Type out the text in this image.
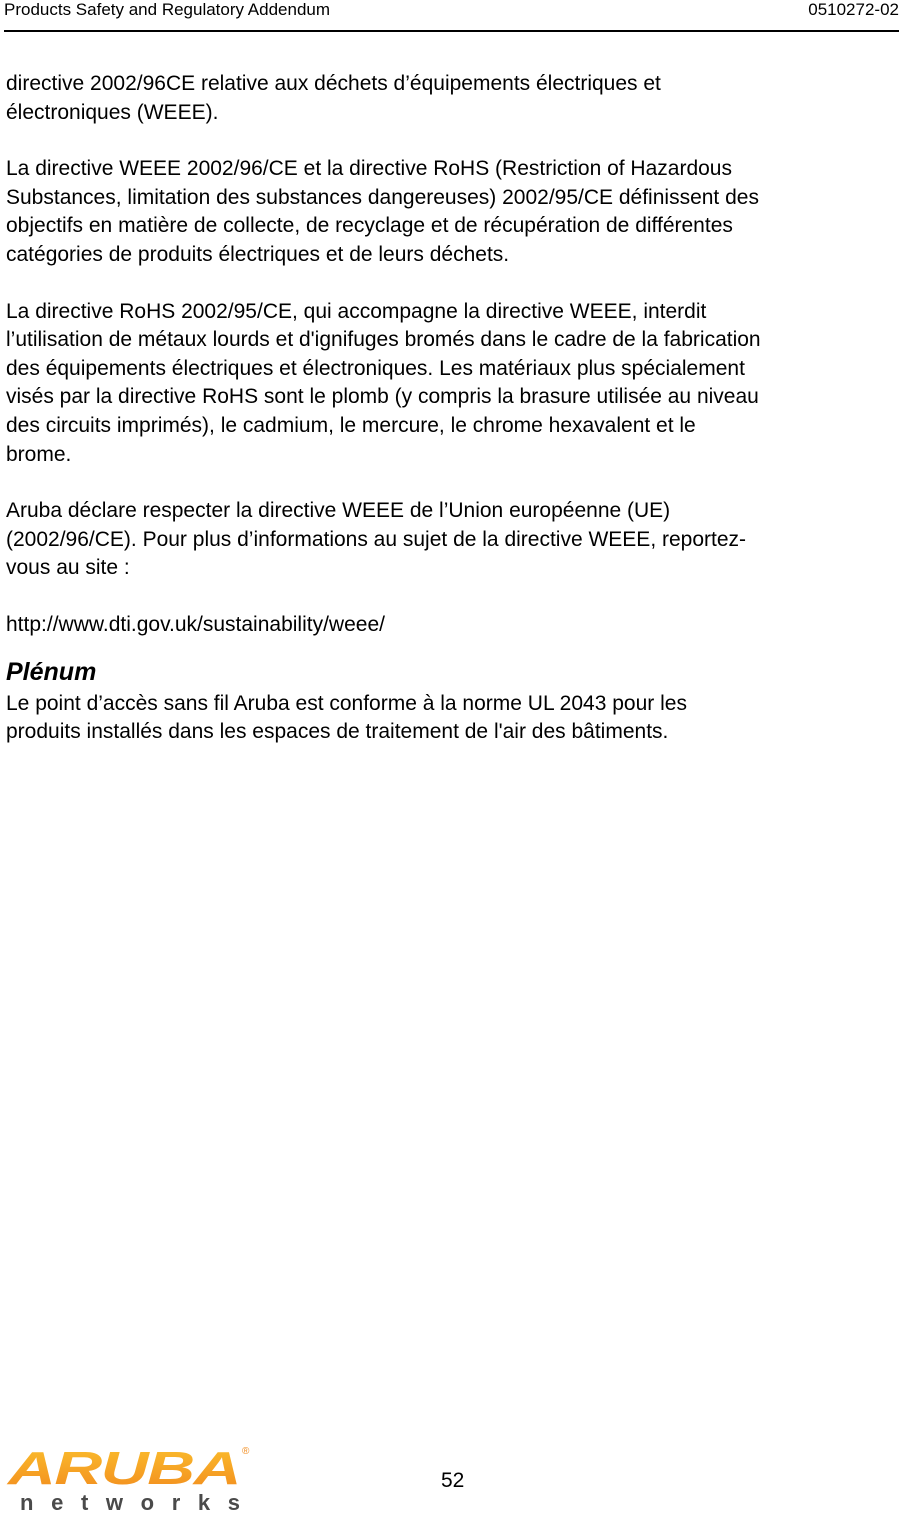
Products Safety and Regulatory Addendum	0510272-02

directive 2002/96CE relative aux déchets d’équipements électriques et
électroniques (WEEE).

La directive WEEE 2002/96/CE et la directive RoHS (Restriction of Hazardous
Substances, limitation des substances dangereuses) 2002/95/CE définissent des
objectifs en matière de collecte, de recyclage et de récupération de différentes
catégories de produits électriques et de leurs déchets.

La directive RoHS 2002/95/CE, qui accompagne la directive WEEE, interdit
l’utilisation de métaux lourds et d'ignifuges bromés dans le cadre de la fabrication
des équipements électriques et électroniques. Les matériaux plus spécialement
visés par la directive RoHS sont le plomb (y compris la brasure utilisée au niveau
des circuits imprimés), le cadmium, le mercure, le chrome hexavalent et le
brome.

Aruba déclare respecter la directive WEEE de l’Union européenne (UE)
(2002/96/CE). Pour plus d’informations au sujet de la directive WEEE, reportez-
vous au site :

http://www.dti.gov.uk/sustainability/weee/

Plénum

Le point d’accès sans fil Aruba est conforme à la norme UL 2043 pour les
produits installés dans les espaces de traitement de l'air des bâtiments.

ARUBA ®
n e t w o r k s
52
